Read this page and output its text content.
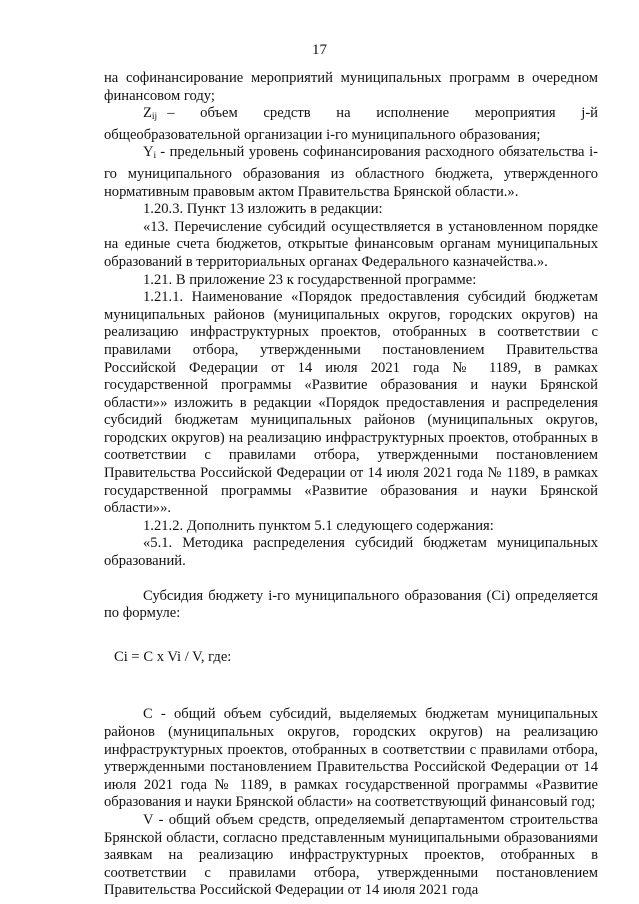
17

на софинансирование мероприятий муниципальных программ в очередном финансовом году;

$Z_{ij}$ – объем средств на исполнение мероприятия j-й общеобразовательной организации i-го муниципального образования;

$Y_i$ - предельный уровень софинансирования расходного обязательства i-го муниципального образования из областного бюджета, утвержденного нормативным правовым актом Правительства Брянской области.».

1.20.3. Пункт 13 изложить в редакции:

«13. Перечисление субсидий осуществляется в установленном порядке на единые счета бюджетов, открытые финансовым органам муниципальных образований в территориальных органах Федерального казначейства.».

1.21. В приложение 23 к государственной программе:

1.21.1. Наименование «Порядок предоставления субсидий бюджетам муниципальных районов (муниципальных округов, городских округов) на реализацию инфраструктурных проектов, отобранных в соответствии с правилами отбора, утвержденными постановлением Правительства Российской Федерации от 14 июля 2021 года № 1189, в рамках государственной программы «Развитие образования и науки Брянской области»» изложить в редакции «Порядок предоставления и распределения субсидий бюджетам муниципальных районов (муниципальных округов, городских округов) на реализацию инфраструктурных проектов, отобранных в соответствии с правилами отбора, утвержденными постановлением Правительства Российской Федерации от 14 июля 2021 года № 1189, в рамках государственной программы «Развитие образования и науки Брянской области»».

1.21.2. Дополнить пунктом 5.1 следующего содержания:

«5.1. Методика распределения субсидий бюджетам муниципальных образований.

Субсидия бюджету i-го муниципального образования (Ci) определяется по формуле:

Ci = C x Vi / V, где:

C - общий объем субсидий, выделяемых бюджетам муниципальных районов (муниципальных округов, городских округов) на реализацию инфраструктурных проектов, отобранных в соответствии с правилами отбора, утвержденными постановлением Правительства Российской Федерации от 14 июля 2021 года № 1189, в рамках государственной программы «Развитие образования и науки Брянской области» на соответствующий финансовый год;

V - общий объем средств, определяемый департаментом строительства Брянской области, согласно представленным муниципальными образованиями заявкам на реализацию инфраструктурных проектов, отобранных в соответствии с правилами отбора, утвержденными постановлением Правительства Российской Федерации от 14 июля 2021 года
